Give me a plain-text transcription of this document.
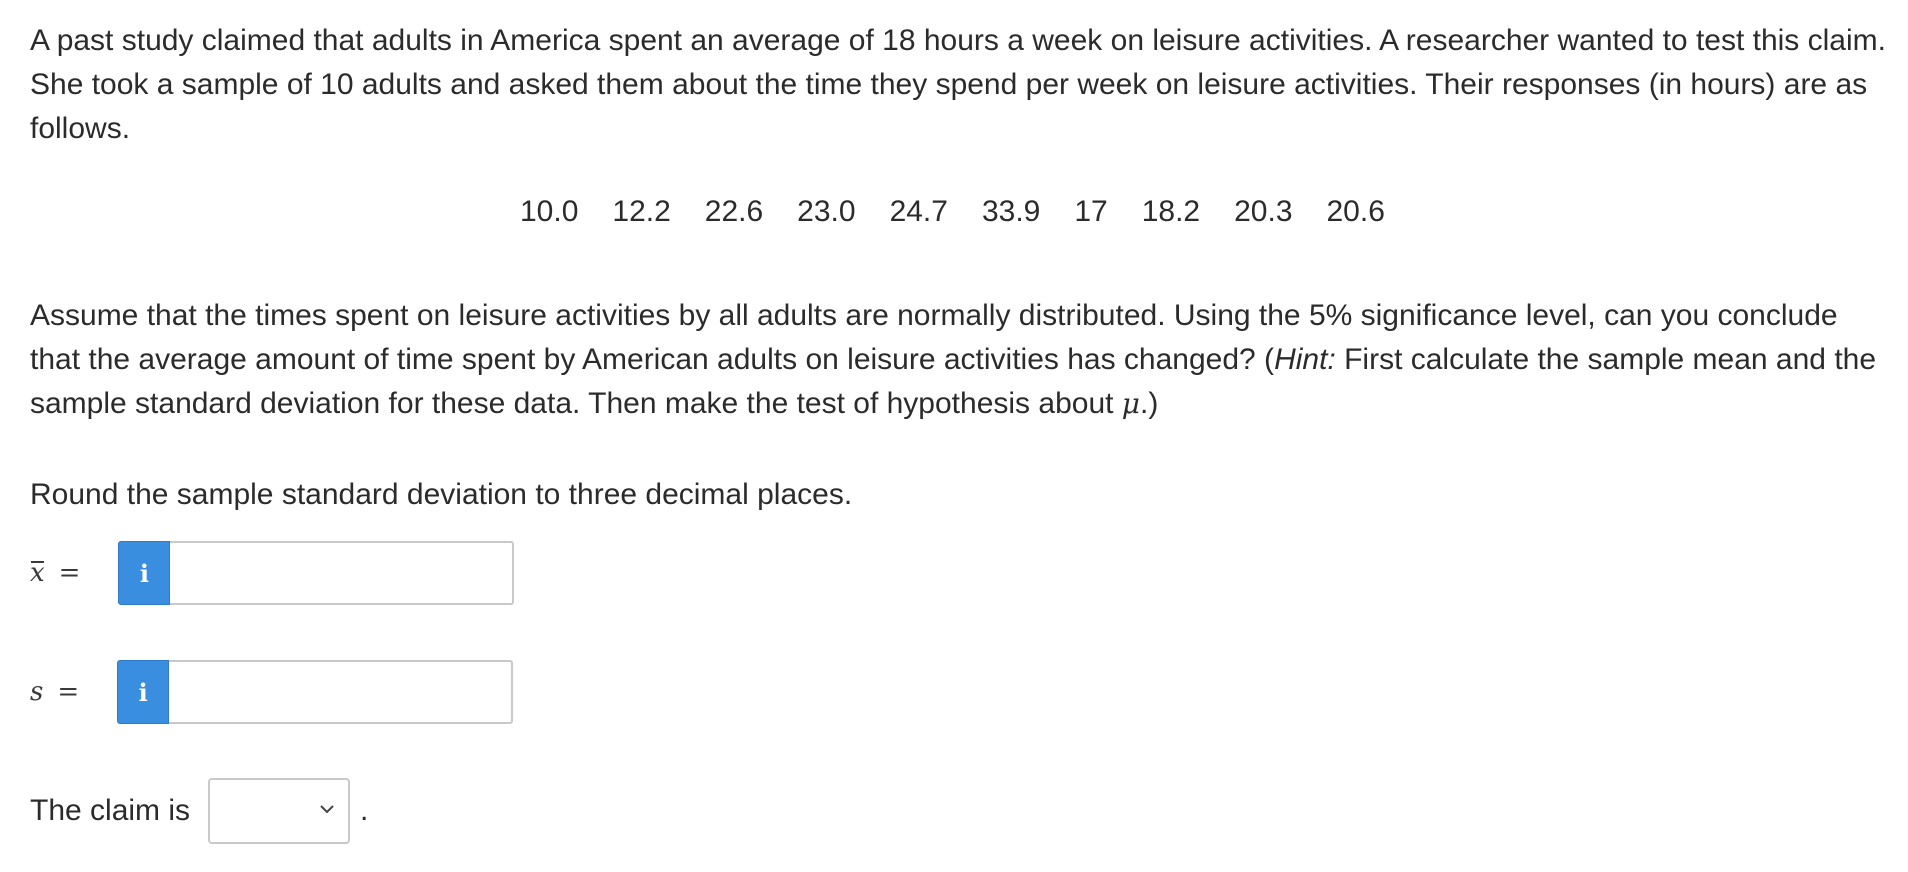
A past study claimed that adults in America spent an average of 18 hours a week on leisure activities. A researcher wanted to test this claim. She took a sample of 10 adults and asked them about the time they spend per week on leisure activities. Their responses (in hours) are as follows.

10.0 12.2 22.6 23.0 24.7 33.9 17 18.2 20.3 20.6

Assume that the times spent on leisure activities by all adults are normally distributed. Using the 5% significance level, can you conclude that the average amount of time spent by American adults on leisure activities has changed? (Hint: First calculate the sample mean and the sample standard deviation for these data. Then make the test of hypothesis about μ.)

Round the sample standard deviation to three decimal places.

x =	i
s =	i
The claim is	.
